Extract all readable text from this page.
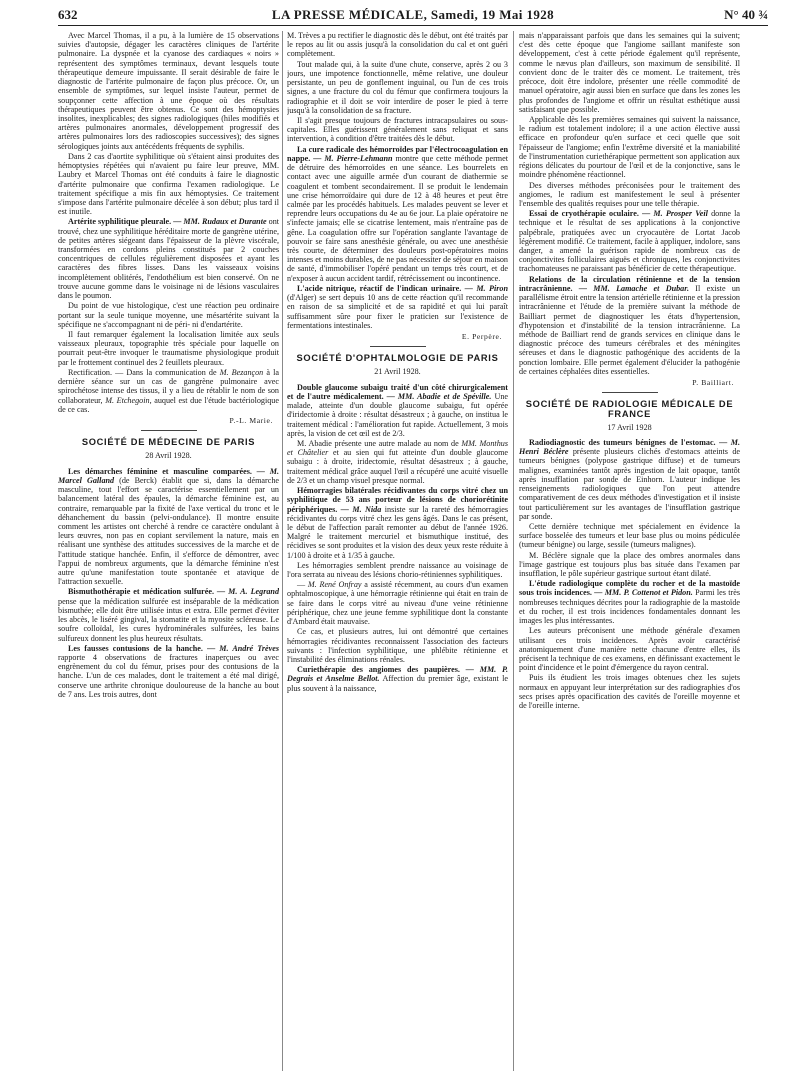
632	LA PRESSE MÉDICALE, Samedi, 19 Mai 1928	N° 40 ¾

Avec Marcel Thomas, il a pu, à la lumière de 15 observations suivies d'autopsie, dégager les caractères cliniques de l'artérite pulmonaire. La dyspnée et la cyanose des cardiaques « noirs » représentent des symptômes terminaux, devant lesquels toute thérapeutique demeure impuissante. Il serait désirable de faire le diagnostic de l'artérite pulmonaire de façon plus précoce. Or, un ensemble de symptômes, sur lequel insiste l'auteur, permet de soupçonner cette affection à une époque où des résultats thérapeutiques peuvent être obtenus. Ce sont des hémoptysies insolites, inexplicables; des signes radiologiques (hiles modifiés et artères pulmonaires anormales, développement progressif des artères pulmonaires lors des radioscopies successives); des signes sérologiques joints aux antécédents fréquents de syphilis.

Dans 2 cas d'aortite syphilitique où s'étaient ainsi produites des hémoptysies répétées qui n'avaient pu faire leur preuve, MM. Laubry et Marcel Thomas ont été conduits à faire le diagnostic d'artérite pulmonaire que confirma l'examen radiologique. Le traitement spécifique a mis fin aux hémoptysies. Ce traitement s'impose dans l'artérite pulmonaire décelée à son début; plus tard il est inutile.

Artérite syphilitique pleurale. — MM. Rudaux et Durante ont trouvé, chez une syphilitique héréditaire morte de gangrène utérine, de petites artères siégeant dans l'épaisseur de la plèvre viscérale, transformées en cordons pleins constitués par 2 couches concentriques de cellules régulièrement disposées et ayant les caractères des fibres lisses. Dans les vaisseaux voisins incomplètement oblitérés, l'endothélium est bien conservé. On ne trouve aucune gomme dans le voisinage ni de lésions vasculaires dans le poumon.

Du point de vue histologique, c'est une réaction peu ordinaire portant sur la seule tunique moyenne, une mésartérite suivant la spécifique ne s'accompagnant ni de péri- ni d'endartérite.

Il faut remarquer également la localisation limitée aux seuls vaisseaux pleuraux, topographie très spéciale pour laquelle on pourrait peut-être invoquer le traumatisme physiologique produit par le frottement continuel des 2 feuillets pleuraux.

Rectification. — Dans la communication de M. Bezançon à la dernière séance sur un cas de gangrène pulmonaire avec spirochétose intense des tissus, il y a lieu de rétablir le nom de son collaborateur, M. Etchegoin, auquel est due l'étude bactériologique de ce cas.

P.-L. Marie.
SOCIÉTÉ DE MÉDECINE DE PARIS
28 Avril 1928.

Les démarches féminine et masculine comparées. — M. Marcel Galland (de Berck) établit que si, dans la démarche masculine, tout l'effort se caractérise essentiellement par un balancement latéral des épaules, la démarche féminine est, au contraire, remarquable par la fixité de l'axe vertical du tronc et le déhanchement du bassin (pelvi-ondulance). Il montre ensuite comment les artistes ont cherché à rendre ce caractère ondulant à leurs œuvres, non pas en copiant servilement la nature, mais en réalisant une synthèse des attitudes successives de la marche et de l'attitude statique hanchée. Enfin, il s'efforce de démontrer, avec l'appui de nombreux arguments, que la démarche féminine n'est autre qu'une manifestation toute spontanée et atavique de l'attraction sexuelle.

Bismuthothérapie et médication sulfurée. — M. A. Legrand pense que la médication sulfurée est inséparable de la médication bismuthée; elle doit être utilisée intus et extra. Elle permet d'éviter les abcès, le liséré gingival, la stomatite et la myosite scléreuse. Le soufre colloïdal, les cures hydrominérales sulfurées, les bains sulfureux donnent les plus heureux résultats.

Les fausses contusions de la hanche. — M. André Trèves rapporte 4 observations de fractures inaperçues ou avec engrènement du col du fémur, prises pour des contusions de la hanche. L'un de ces malades, dont le traitement a été mal dirigé, conserve une arthrite chronique douloureuse de la hanche au bout de 7 ans. Les trois autres, dont

M. Trèves a pu rectifier le diagnostic dès le début, ont été traités par le repos au lit ou assis jusqu'à la consolidation du cal et ont guéri complètement.

Tout malade qui, à la suite d'une chute, conserve, après 2 ou 3 jours, une impotence fonctionnelle, même relative, une douleur persistante, un peu de gonflement inguinal, ou l'un de ces trois signes, a une fracture du col du fémur que confirmera toujours la radiographie et il doit se voir interdire de poser le pied à terre jusqu'à la consolidation de sa fracture.

Il s'agit presque toujours de fractures intracapsulaires ou sous-capitales. Elles guérissent généralement sans reliquat et sans intervention, à condition d'être traitées dès le début.

La cure radicale des hémorroïdes par l'électrocoagulation en nappe. — M. Pierre-Lehmann montre que cette méthode permet de détruire des hémorroïdes en une séance. Les bourrelets en contact avec une aiguille armée d'un courant de diathermie se coagulent et tombent secondairement. Il se produit le lendemain une crise hémorroïdaire qui dure de 12 à 48 heures et peut être calmée par les procédés habituels. Les malades peuvent se lever et reprendre leurs occupations du 4e au 6e jour. La plaie opératoire ne s'infecte jamais; elle se cicatrise lentement, mais n'entraîne pas de gêne. La coagulation offre sur l'opération sanglante l'avantage de pouvoir se faire sans anesthésie générale, ou avec une anesthésie très courte, de déterminer des douleurs post-opératoires moins intenses et moins durables, de ne pas nécessiter de séjour en maison de santé, d'immobiliser l'opéré pendant un temps très court, et de n'exposer à aucun accident tardif, rétrécissement ou incontinence.

L'acide nitrique, réactif de l'indican urinaire. — M. Piron (d'Alger) se sert depuis 10 ans de cette réaction qu'il recommande en raison de sa simplicité et de sa rapidité et qui lui paraît suffisamment sûre pour fixer le praticien sur l'existence de fermentations intestinales.

E. Perpère.
SOCIÉTÉ D'OPHTALMOLOGIE DE PARIS
21 Avril 1928.

Double glaucome subaigu traité d'un côté chirurgicalement et de l'autre médicalement. — MM. Abadie et de Spéville. Une malade, atteinte d'un double glaucome subaigu, fut opérée d'iridectomie à droite : résultat désastreux ; à gauche, on institua le traitement médical : l'amélioration fut rapide. Actuellement, 3 mois après, la vision de cet œil est de 2/3.

M. Abadie présente une autre malade au nom de MM. Monthus et Châtelier et au sien qui fut atteinte d'un double glaucome subaigu : à droite, iridectomie, résultat désastreux ; à gauche, traitement médical grâce auquel l'œil a récupéré une acuité visuelle de 2/3 et un champ visuel presque normal.

Hémorragies bilatérales récidivantes du corps vitré chez un syphilitique de 53 ans porteur de lésions de choriorétinite périphériques. — M. Nida insiste sur la rareté des hémorragies récidivantes du corps vitré chez les gens âgés. Dans le cas présent, le début de l'affection paraît remonter au début de l'année 1926. Malgré le traitement mercuriel et bismuthique institué, des récidives se sont produites et la vision des deux yeux reste réduite à 1/100 à droite et à 1/35 à gauche.

Les hémorragies semblent prendre naissance au voisinage de l'ora serrata au niveau des lésions chorio-rétiniennes syphilitiques.

— M. René Onfray a assisté récemment, au cours d'un examen ophtalmoscopique, à une hémorragie rétinienne qui était en train de se faire dans le corps vitré au niveau d'une veine rétinienne périphérique, chez une jeune femme syphilitique dont la constante d'Ambard était mauvaise.

Ce cas, et plusieurs autres, lui ont démontré que certaines hémorragies récidivantes reconnaissent l'association des facteurs suivants : l'infection syphilitique, une phlébite rétinienne et l'instabilité des éliminations rénales.

Curiethérapie des angiomes des paupières. — MM. P. Degrais et Anselme Bellot. Affection du premier âge, existant le plus souvent à la naissance,

mais n'apparaissant parfois que dans les semaines qui la suivent; c'est dès cette époque que l'angiome saillant manifeste son développement, c'est à cette période également qu'il représente, comme le nævus plan d'ailleurs, son maximum de sensibilité. Il convient donc de le traiter dès ce moment. Le traitement, très précoce, doit être indolore, présenter une réelle commodité de manuel opératoire, agir aussi bien en surface que dans les zones les plus profondes de l'angiome et offrir un résultat esthétique aussi satisfaisant que possible.

Applicable dès les premières semaines qui suivent la naissance, le radium est totalement indolore; il a une action élective aussi efficace en profondeur qu'en surface et ceci quelle que soit l'épaisseur de l'angiome; enfin l'extrême diversité et la maniabilité de l'instrumentation curiethérapique permettent son application aux régions délicates du pourtour de l'œil et de la conjonctive, sans le moindre phénomène réactionnel.

Des diverses méthodes préconisées pour le traitement des angiomes, le radium est manifestement le seul à présenter l'ensemble des qualités requises pour une telle thérapie.

Essai de cryothérapie oculaire. — M. Prosper Veil donne la technique et le résultat de ses applications à la conjonctive palpébrale, pratiquées avec un cryocautère de Lortat Jacob légèrement modifié. Ce traitement, facile à appliquer, indolore, sans danger, a amené la guérison rapide de nombreux cas de conjonctivites folliculaires aiguës et chroniques, les conjonctivites trachomateuses ne paraissant pas bénéficier de cette thérapeutique.

Relations de la circulation rétinienne et de la tension intracrânienne. — MM. Lamache et Dubar. Il existe un parallélisme étroit entre la tension artérielle rétinienne et la pression intracrânienne et l'étude de la première suivant la méthode de Bailliart permet de diagnostiquer les états d'hypertension, d'hypotension et d'instabilité de la tension intracrânienne. La méthode de Bailliart rend de grands services en clinique dans le diagnostic précoce des tumeurs cérébrales et des méningites séreuses et dans le diagnostic pathogénique des accidents de la ponction lombaire. Elle permet également d'élucider la pathogénie de certaines céphalées dites essentielles.

P. Bailliart.
SOCIÉTÉ DE RADIOLOGIE MÉDICALE DE FRANCE
17 Avril 1928

Radiodiagnostic des tumeurs bénignes de l'estomac. — M. Henri Béclère présente plusieurs clichés d'estomacs atteints de tumeurs bénignes (polypose gastrique diffuse) et de tumeurs malignes, examinées tantôt après ingestion de lait opaque, tantôt après insufflation par sonde de Einhorn. L'auteur indique les renseignements radiologiques que l'on peut attendre comparativement de ces deux méthodes d'investigation et il insiste tout particulièrement sur les avantages de l'insufflation gastrique par sonde.

Cette dernière technique met spécialement en évidence la surface bosselée des tumeurs et leur base plus ou moins pédiculée (tumeur bénigne) ou large, sessile (tumeurs malignes).

M. Béclère signale que la place des ombres anormales dans l'image gastrique est toujours plus bas située dans l'examen par insufflation, le pôle supérieur gastrique surtout étant dilaté.

L'étude radiologique complète du rocher et de la mastoïde sous trois incidences. — MM. P. Cottenot et Pidon. Parmi les très nombreuses techniques décrites pour la radiographie de la mastoïde et du rocher, il est trois incidences fondamentales donnant les images les plus intéressantes.

Les auteurs préconisent une méthode générale d'examen utilisant ces trois incidences. Après avoir caractérisé anatomiquement d'une manière nette chacune d'entre elles, ils précisent la technique de ces examens, en définissant exactement le point d'incidence et le point d'émergence du rayon central.

Puis ils étudient les trois images obtenues chez les sujets normaux en appuyant leur interprétation sur des radiographies d'os secs prises après opacification des cavités de l'oreille moyenne et de l'oreille interne.
